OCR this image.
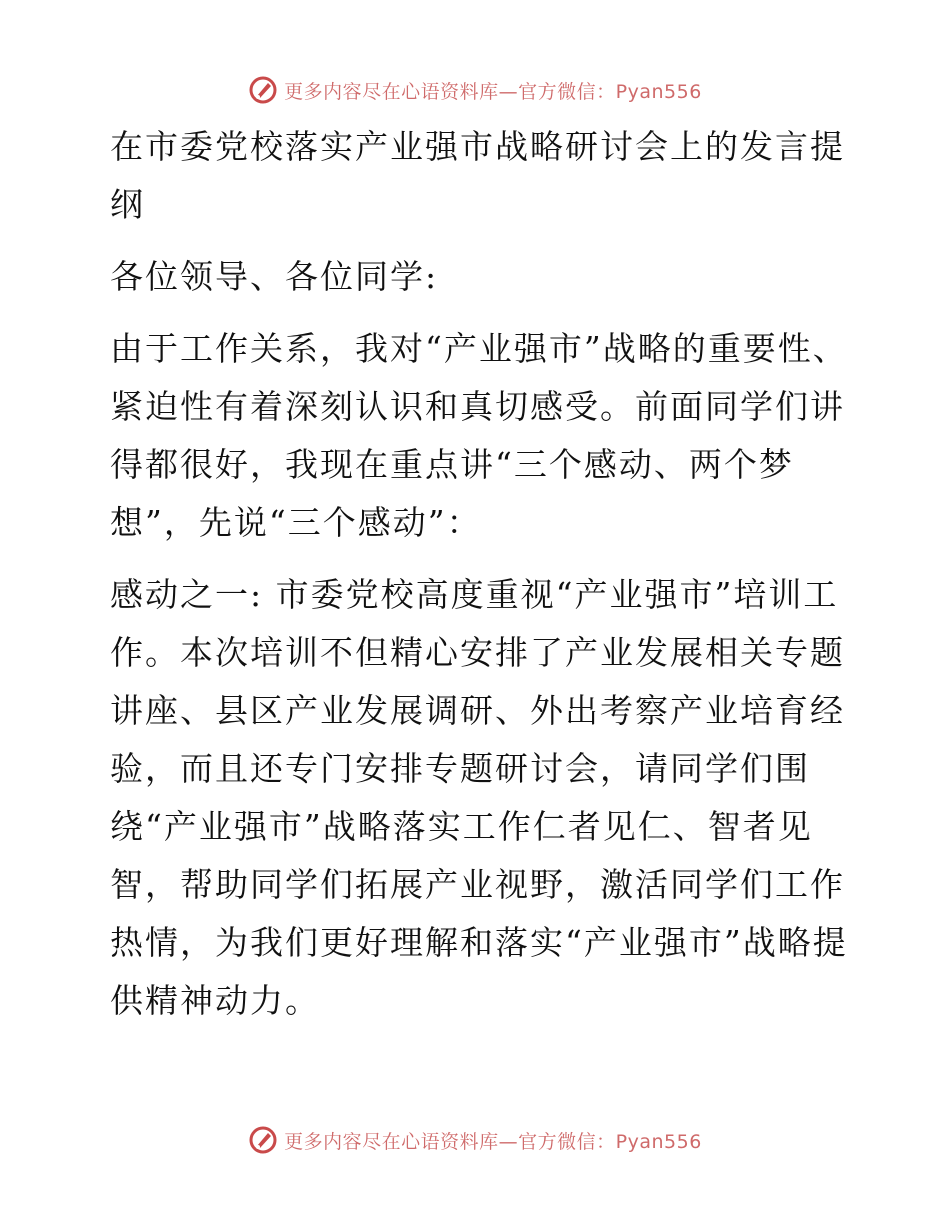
更多内容尽在心语资料库—官方微信：Pyan556

在市委党校落实产业强市战略研讨会上的发言提纲

各位领导、各位同学:

由于工作关系，我对“产业强市”战略的重要性、紧迫性有着深刻认识和真切感受。前面同学们讲得都很好，我现在重点讲“三个感动、两个梦想”，先说“三个感动”：

感动之一: 市委党校高度重视“产业强市”培训工作。本次培训不但精心安排了产业发展相关专题讲座、县区产业发展调研、外出考察产业培育经验，而且还专门安排专题研讨会，请同学们围绕“产业强市”战略落实工作仁者见仁、智者见智，帮助同学们拓展产业视野，激活同学们工作热情，为我们更好理解和落实“产业强市”战略提供精神动力。

更多内容尽在心语资料库—官方微信：Pyan556
